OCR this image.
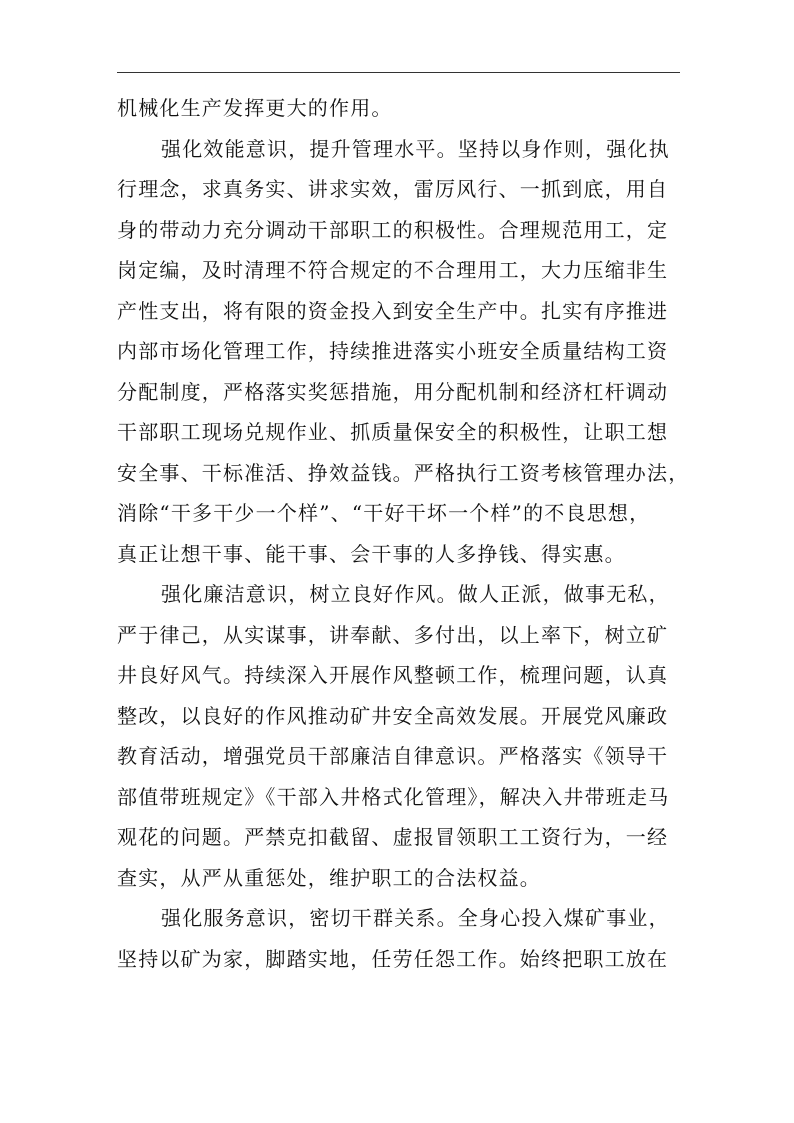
机械化生产发挥更大的作用。
强化效能意识，提升管理水平。坚持以身作则，强化执
行理念，求真务实、讲求实效，雷厉风行、一抓到底，用自
身的带动力充分调动干部职工的积极性。合理规范用工，定
岗定编，及时清理不符合规定的不合理用工，大力压缩非生
产性支出，将有限的资金投入到安全生产中。扎实有序推进
内部市场化管理工作，持续推进落实小班安全质量结构工资
分配制度，严格落实奖惩措施，用分配机制和经济杠杆调动
干部职工现场兑规作业、抓质量保安全的积极性，让职工想
安全事、干标准活、挣效益钱。严格执行工资考核管理办法，
消除“干多干少一个样”、“干好干坏一个样”的不良思想，
真正让想干事、能干事、会干事的人多挣钱、得实惠。
强化廉洁意识，树立良好作风。做人正派，做事无私，
严于律己，从实谋事，讲奉献、多付出，以上率下，树立矿
井良好风气。持续深入开展作风整顿工作，梳理问题，认真
整改，以良好的作风推动矿井安全高效发展。开展党风廉政
教育活动，增强党员干部廉洁自律意识。严格落实《领导干
部值带班规定》《干部入井格式化管理》，解决入井带班走马
观花的问题。严禁克扣截留、虚报冒领职工工资行为，一经
查实，从严从重惩处，维护职工的合法权益。
强化服务意识，密切干群关系。全身心投入煤矿事业，
坚持以矿为家，脚踏实地，任劳任怨工作。始终把职工放在
